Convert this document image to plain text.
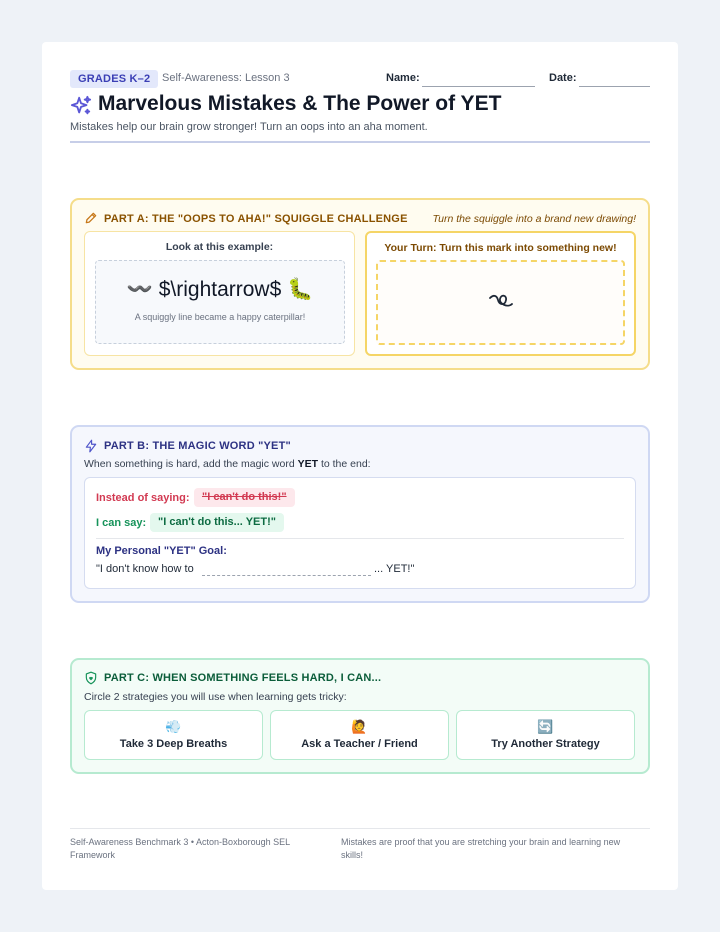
GRADES K–2	Self-Awareness: Lesson 3	Name:	Date:
Marvelous Mistakes & The Power of YET
Mistakes help our brain grow stronger! Turn an oops into an aha moment.
PART A: THE "OOPS TO AHA!" SQUIGGLE CHALLENGE Turn the squiggle into a brand new drawing!
Look at this example:
〰️ $\rightarrow$ 🐛
A squiggly line became a happy caterpillar!
Your Turn: Turn this mark into something new!
PART B: THE MAGIC WORD "YET"
When something is hard, add the magic word YET to the end:
Instead of saying:	"I can't do this!"
I can say:	"I can't do this... YET!"
My Personal "YET" Goal:
"I don't know how to	... YET!"
PART C: WHEN SOMETHING FEELS HARD, I CAN...
Circle 2 strategies you will use when learning gets tricky:
💨
Take 3 Deep Breaths
🙋
Ask a Teacher / Friend
🔄
Try Another Strategy
Self-Awareness Benchmark 3 • Acton-Boxborough SEL Framework
Mistakes are proof that you are stretching your brain and learning new skills!
